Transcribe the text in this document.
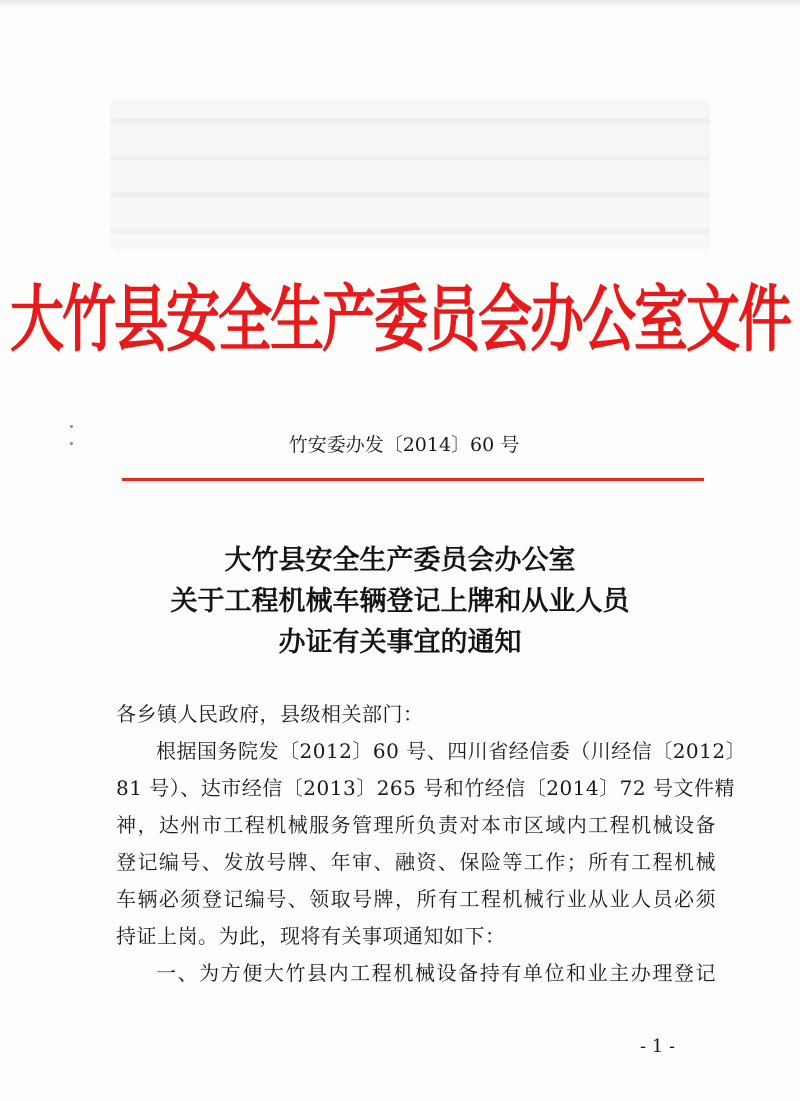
大竹县安全生产委员会办公室文件
竹安委办发〔2014〕60 号
大竹县安全生产委员会办公室
关于工程机械车辆登记上牌和从业人员
办证有关事宜的通知
各乡镇人民政府，县级相关部门：
根据国务院发〔2012〕60 号、四川省经信委（川经信〔2012〕
81 号）、达市经信〔2013〕265 号和竹经信〔2014〕72 号文件精
神，达州市工程机械服务管理所负责对本市区域内工程机械设备
登记编号、发放号牌、年审、融资、保险等工作；所有工程机械
车辆必须登记编号、领取号牌，所有工程机械行业从业人员必须
持证上岗。为此，现将有关事项通知如下：
一、为方便大竹县内工程机械设备持有单位和业主办理登记
- 1 -
